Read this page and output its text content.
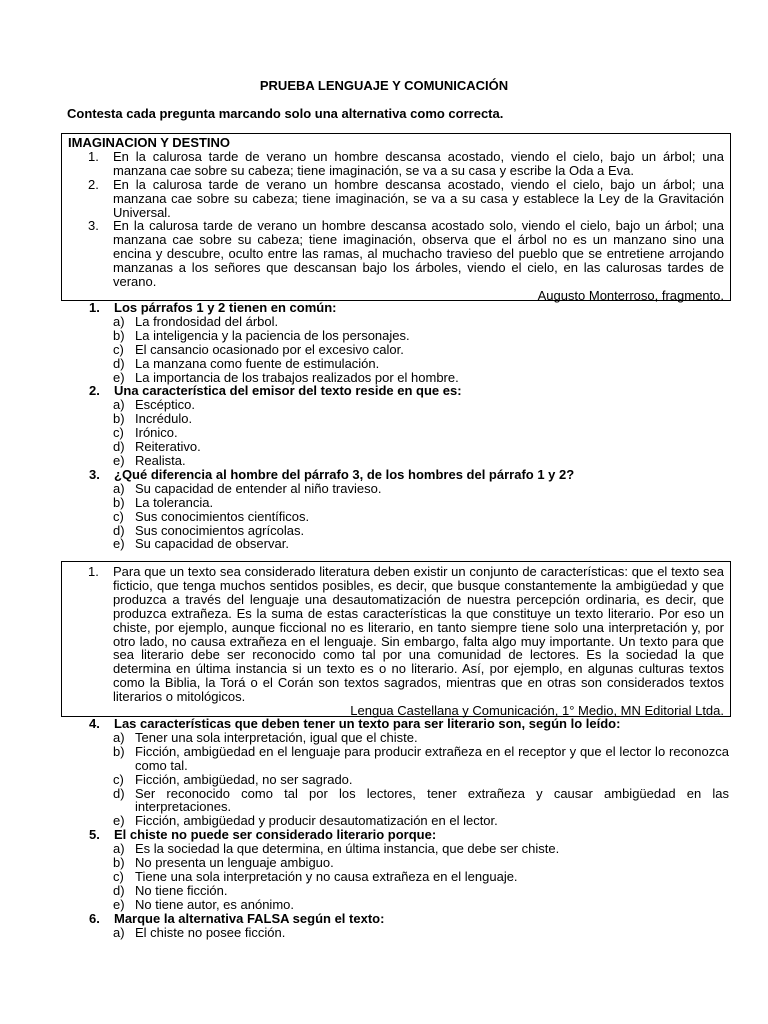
PRUEBA LENGUAJE Y COMUNICACIÓN
Contesta cada pregunta marcando solo una alternativa como correcta.
IMAGINACION Y DESTINO
1.	En la calurosa tarde de verano un hombre descansa acostado, viendo el cielo, bajo un árbol; una manzana cae sobre su cabeza; tiene imaginación, se va a su casa y escribe la Oda a Eva.
2.	En la calurosa tarde de verano un hombre descansa acostado, viendo el cielo, bajo un árbol; una manzana cae sobre su cabeza; tiene imaginación, se va a su casa y establece la Ley de la Gravitación Universal.
3.	En la calurosa tarde de verano un hombre descansa acostado solo, viendo el cielo, bajo un árbol; una manzana cae sobre su cabeza; tiene imaginación, observa que el árbol no es un manzano sino una encina y descubre, oculto entre las ramas, al muchacho travieso del pueblo que se entretiene arrojando manzanas a los señores que descansan bajo los árboles, viendo el cielo, en las calurosas tardes de verano.
Augusto Monterroso, fragmento.
1.	Los párrafos 1 y 2 tienen en común:
a) La frondosidad del árbol.
b) La inteligencia y la paciencia de los personajes.
c) El cansancio ocasionado por el excesivo calor.
d) La manzana como fuente de estimulación.
e) La importancia de los trabajos realizados por el hombre.
2.	Una característica del emisor del texto reside en que es:
a) Escéptico.
b) Incrédulo.
c) Irónico.
d) Reiterativo.
e) Realista.
3.	¿Qué diferencia al hombre del párrafo 3, de los hombres del párrafo 1 y 2?
a) Su capacidad de entender al niño travieso.
b) La tolerancia.
c) Sus conocimientos científicos.
d) Sus conocimientos agrícolas.
e) Su capacidad de observar.
1.	Para que un texto sea considerado literatura deben existir un conjunto de características: que el texto sea ficticio, que tenga muchos sentidos posibles, es decir, que busque constantemente la ambigüedad y que produzca a través del lenguaje una desautomatización de nuestra percepción ordinaria, es decir, que produzca extrañeza. Es la suma de estas características la que constituye un texto literario. Por eso un chiste, por ejemplo, aunque ficcional no es literario, en tanto siempre tiene solo una interpretación y, por otro lado, no causa extrañeza en el lenguaje. Sin embargo, falta algo muy importante. Un texto para que sea literario debe ser reconocido como tal por una comunidad de lectores. Es la sociedad la que determina en última instancia si un texto es o no literario. Así, por ejemplo, en algunas culturas textos como la Biblia, la Torá o el Corán son textos sagrados, mientras que en otras son considerados textos literarios o mitológicos.
Lengua Castellana y Comunicación, 1° Medio, MN Editorial Ltda.
4.	Las características que deben tener un texto para ser literario son, según lo leído:
a) Tener una sola interpretación, igual que el chiste.
b) Ficción, ambigüedad en el lenguaje para producir extrañeza en el receptor y que el lector lo reconozca como tal.
c) Ficción, ambigüedad, no ser sagrado.
d) Ser reconocido como tal por los lectores, tener extrañeza y causar ambigüedad en las interpretaciones.
e) Ficción, ambigüedad y producir desautomatización en el lector.
5.	El chiste no puede ser considerado literario porque:
a) Es la sociedad la que determina, en última instancia, que debe ser chiste.
b) No presenta un lenguaje ambiguo.
c) Tiene una sola interpretación y no causa extrañeza en el lenguaje.
d) No tiene ficción.
e) No tiene autor, es anónimo.
6.	Marque la alternativa FALSA según el texto:
a) El chiste no posee ficción.
